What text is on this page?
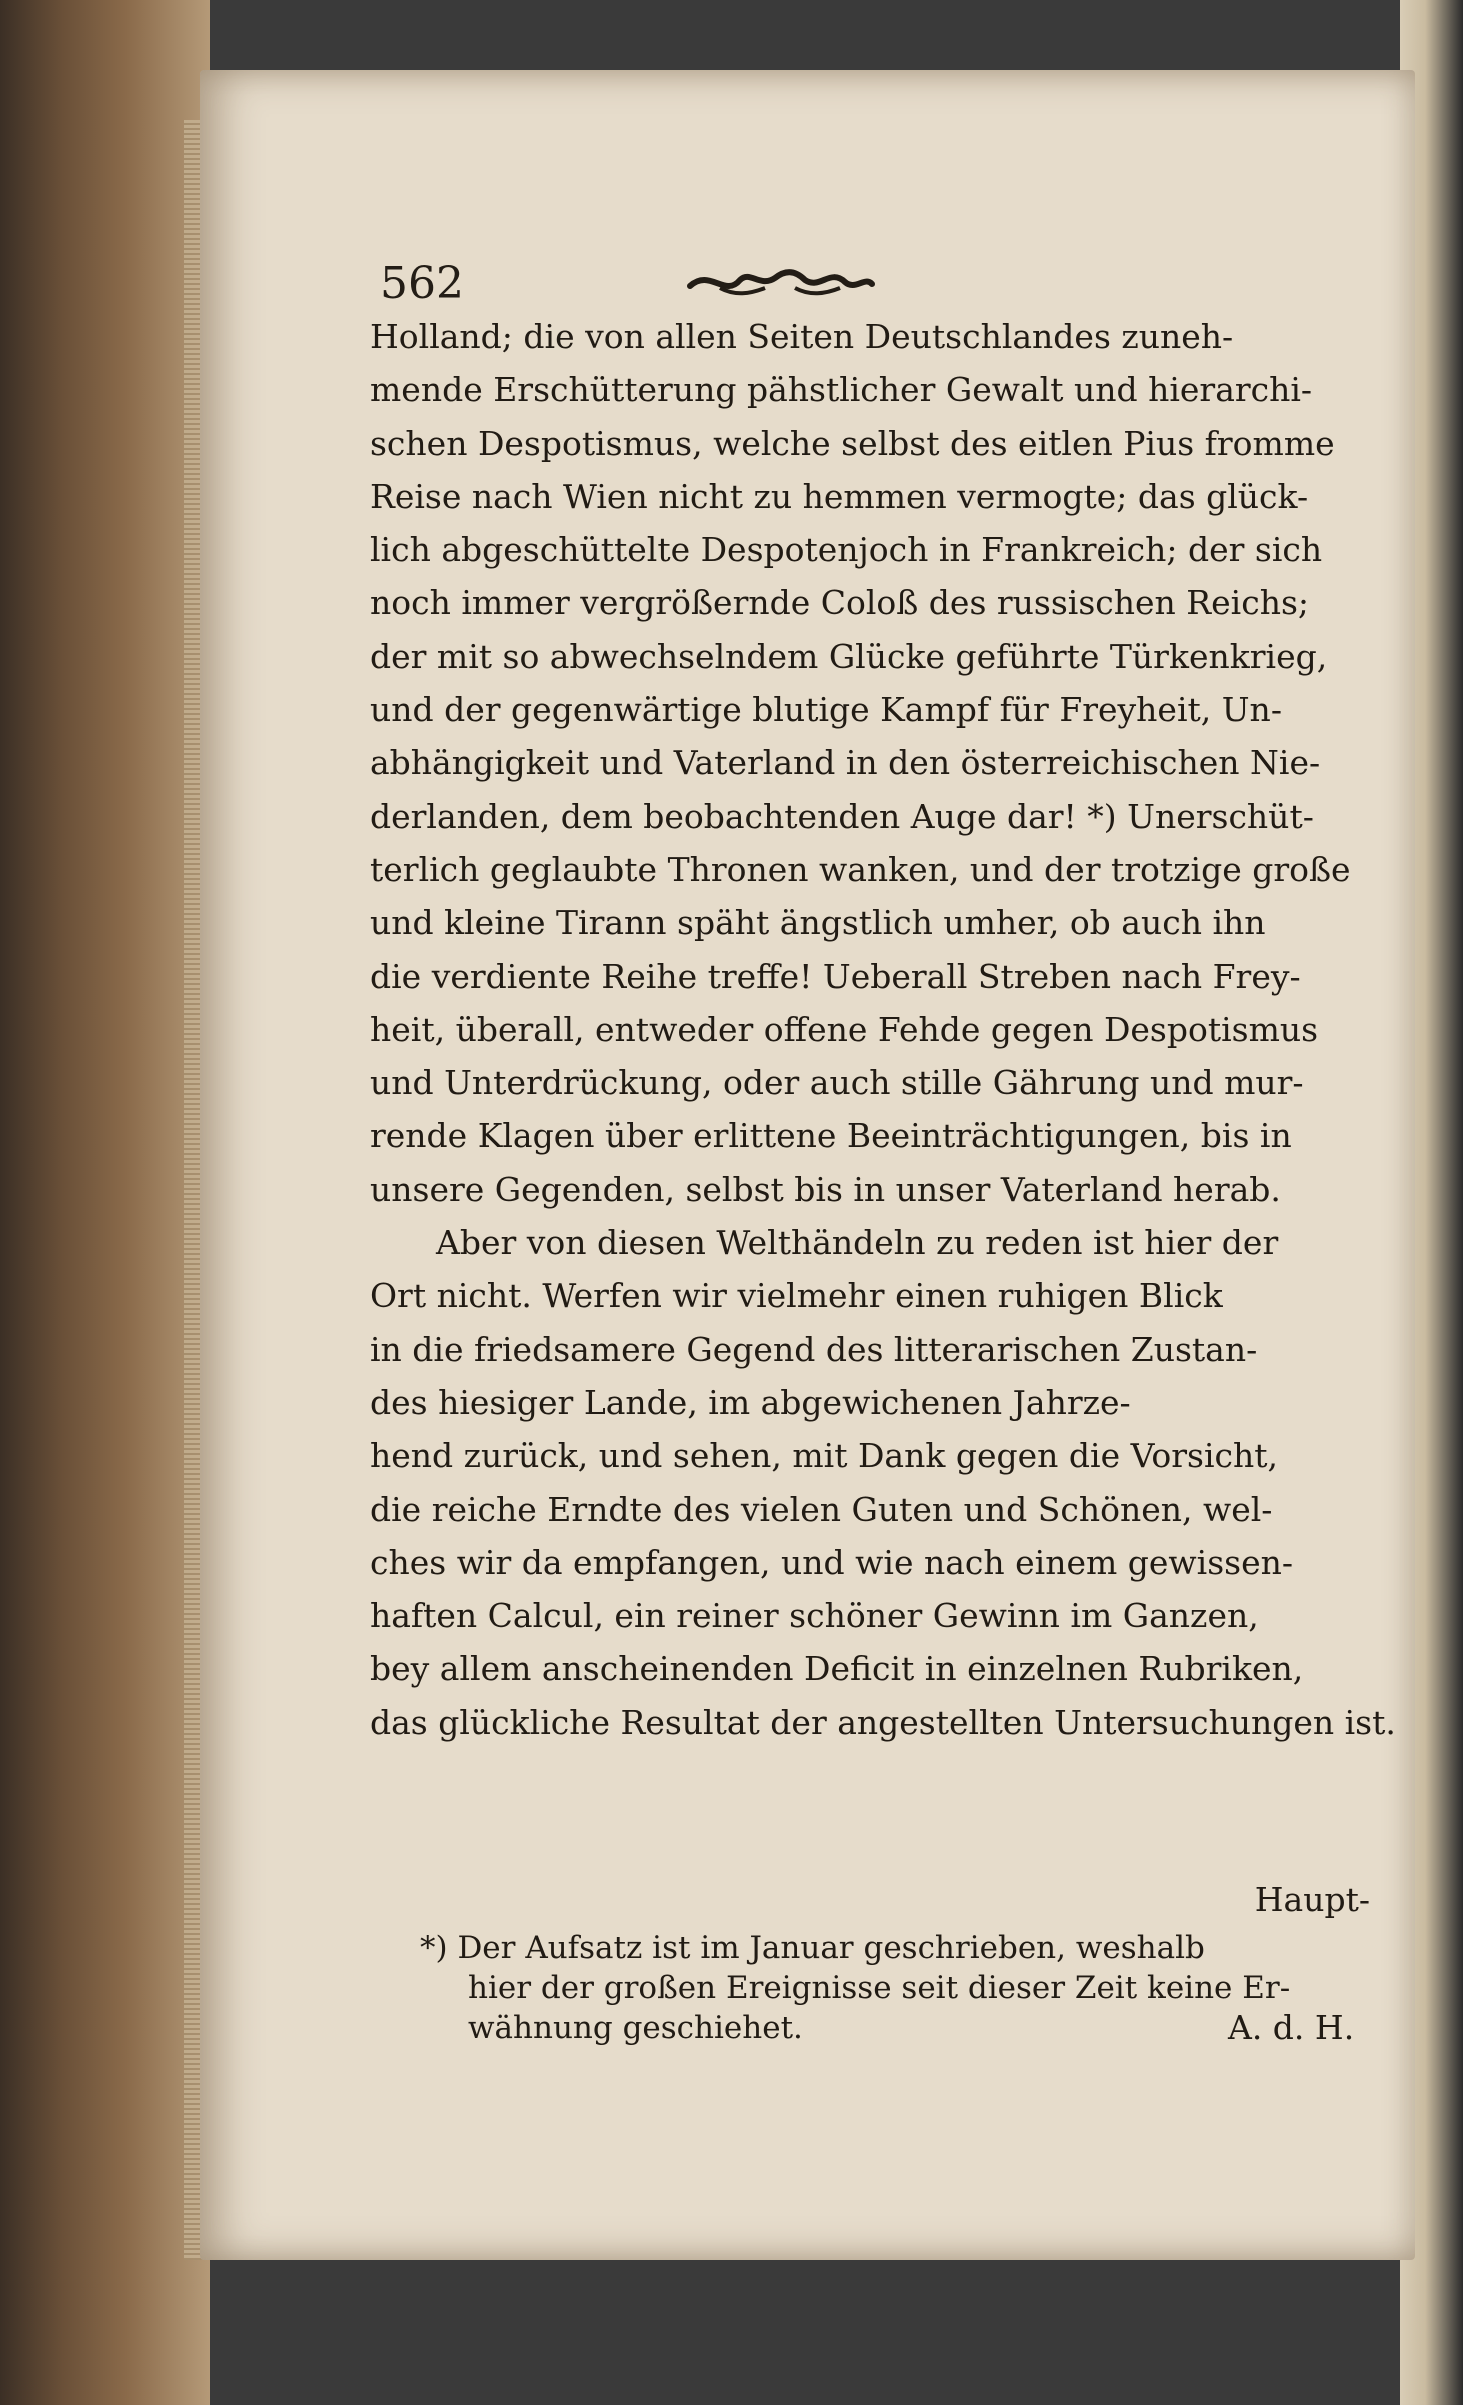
562
Holland; die von allen Seiten Deutschlandes zuneh-
mende Erschütterung pähstlicher Gewalt und hierarchi-
schen Despotismus, welche selbst des eitlen Pius fromme
Reise nach Wien nicht zu hemmen vermogte; das glück-
lich abgeschüttelte Despotenjoch in Frankreich; der sich
noch immer vergrößernde Coloß des russischen Reichs;
der mit so abwechselndem Glücke geführte Türkenkrieg,
und der gegenwärtige blutige Kampf für Freyheit, Un-
abhängigkeit und Vaterland in den österreichischen Nie-
derlanden, dem beobachtenden Auge dar! *) Unerschüt-
terlich geglaubte Thronen wanken, und der trotzige große
und kleine Tirann späht ängstlich umher, ob auch ihn
die verdiente Reihe treffe! Ueberall Streben nach Frey-
heit, überall, entweder offene Fehde gegen Despotismus
und Unterdrückung, oder auch stille Gährung und mur-
rende Klagen über erlittene Beeinträchtigungen, bis in
unsere Gegenden, selbst bis in unser Vaterland herab.
Aber von diesen Welthändeln zu reden ist hier der
Ort nicht. Werfen wir vielmehr einen ruhigen Blick
in die friedsamere Gegend des litterarischen Zustan-
des hiesiger Lande, im abgewichenen Jahrze-
hend zurück, und sehen, mit Dank gegen die Vorsicht,
die reiche Erndte des vielen Guten und Schönen, wel-
ches wir da empfangen, und wie nach einem gewissen-
haften Calcul, ein reiner schöner Gewinn im Ganzen,
bey allem anscheinenden Deficit in einzelnen Rubriken,
das glückliche Resultat der angestellten Untersuchungen ist.
Haupt-
*) Der Aufsatz ist im Januar geschrieben, weshalb
hier der großen Ereignisse seit dieser Zeit keine Er-
wähnung geschiehet.	A. d. H.
